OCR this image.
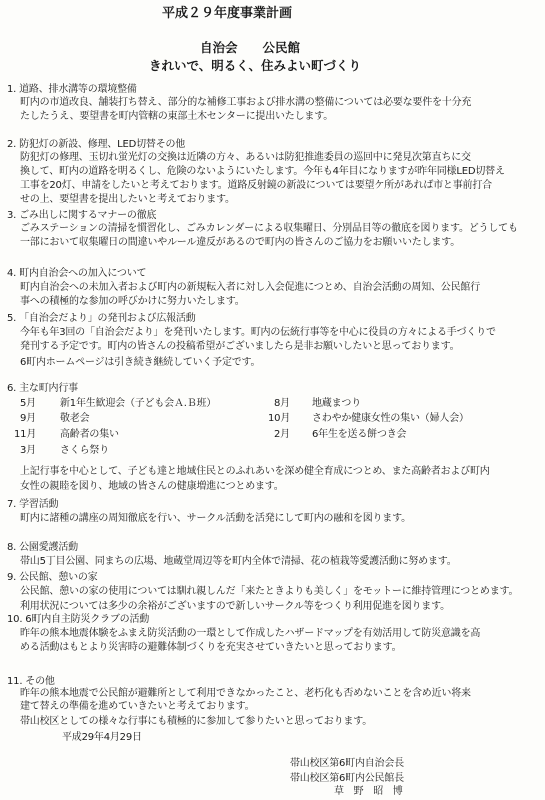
平成２９年度事業計画
自治会　　公民館
きれいで、明るく、住みよい町づくり
1. 道路、排水溝等の環境整備
町内の市道改良、舗装打ち替え、部分的な補修工事および排水溝の整備については必要な要件を十分充
たしたうえ、要望書を町内管轄の東部土木センターに提出いたします。
2. 防犯灯の新設、修理、LED切替その他
防犯灯の修理、玉切れ蛍光灯の交換は近隣の方々、あるいは防犯推進委員の巡回中に発見次第直ちに交
換して、町内の道路を明るくし、危険のないようにいたします。今年も4年目になりますが昨年同様LED切替え
工事を20灯、申請をしたいと考えております。道路反射鏡の新設については要望ケ所があれば市と事前打合
せの上、要望書を提出したいと考えております。
3. ごみ出しに関するマナーの徹底
ごみステーションの清掃を慣習化し、ごみカレンダーによる収集曜日、分別品目等の徹底を図ります。どうしても
一部において収集曜日の間違いやルール違反があるので町内の皆さんのご協力をお願いいたします。
4. 町内自治会への加入について
町内自治会への未加入者および町内の新規転入者に対し入会促進につとめ、自治会活動の周知、公民館行
事への積極的な参加の呼びかけに努力いたします。
5. 「自治会だより」の発刊および広報活動
今年も年3回の「自治会だより」を発刊いたします。町内の伝統行事等を中心に役員の方々による手づくりで
発刊する予定です。町内の皆さんの投稿希望がございましたら是非お願いしたいと思っております。
6町内ホームページは引き続き継続していく予定です。
6. 主な町内行事
5月 新1年生歓迎会（子ども会Ａ.Ｂ班）
9月 敬老会
11月 高齢者の集い
3月 さくら祭り
8月 地蔵まつり
10月 さわやか健康女性の集い（婦人会）
2月 6年生を送る餅つき会
上記行事を中心として、子ども達と地域住民とのふれあいを深め健全育成につとめ、また高齢者および町内
女性の親睦を図り、地域の皆さんの健康増進につとめます。
7. 学習活動
町内に諸種の講座の周知徹底を行い、サークル活動を活発にして町内の融和を図ります。
8. 公園愛護活動
帯山5丁目公園、同まちの広場、地蔵堂周辺等を町内全体で清掃、花の植栽等愛護活動に努めます。
9. 公民館、憩いの家
公民館、憩いの家の使用については馴れ親しんだ「来たときよりも美しく」をモットーに維持管理につとめます。
利用状況については多少の余裕がございますので新しいサークル等をつくり利用促進を図ります。
10. 6町内自主防災クラブの活動
昨年の熊本地震体験をふまえ防災活動の一環として作成したハザードマップを有効活用して防災意識を高
める活動はもとより災害時の避難体制づくりを充実させていきたいと思っております。
11. その他
昨年の熊本地震で公民館が避難所として利用できなかったこと、老朽化も否めないことを含め近い将来
建て替えの準備を進めていきたいと考えております。
帯山校区としての様々な行事にも積極的に参加して参りたいと思っております。
平成29年4月29日
帯山校区第6町内自治会長
帯山校区第6町内公民館長
草　野　昭　博
